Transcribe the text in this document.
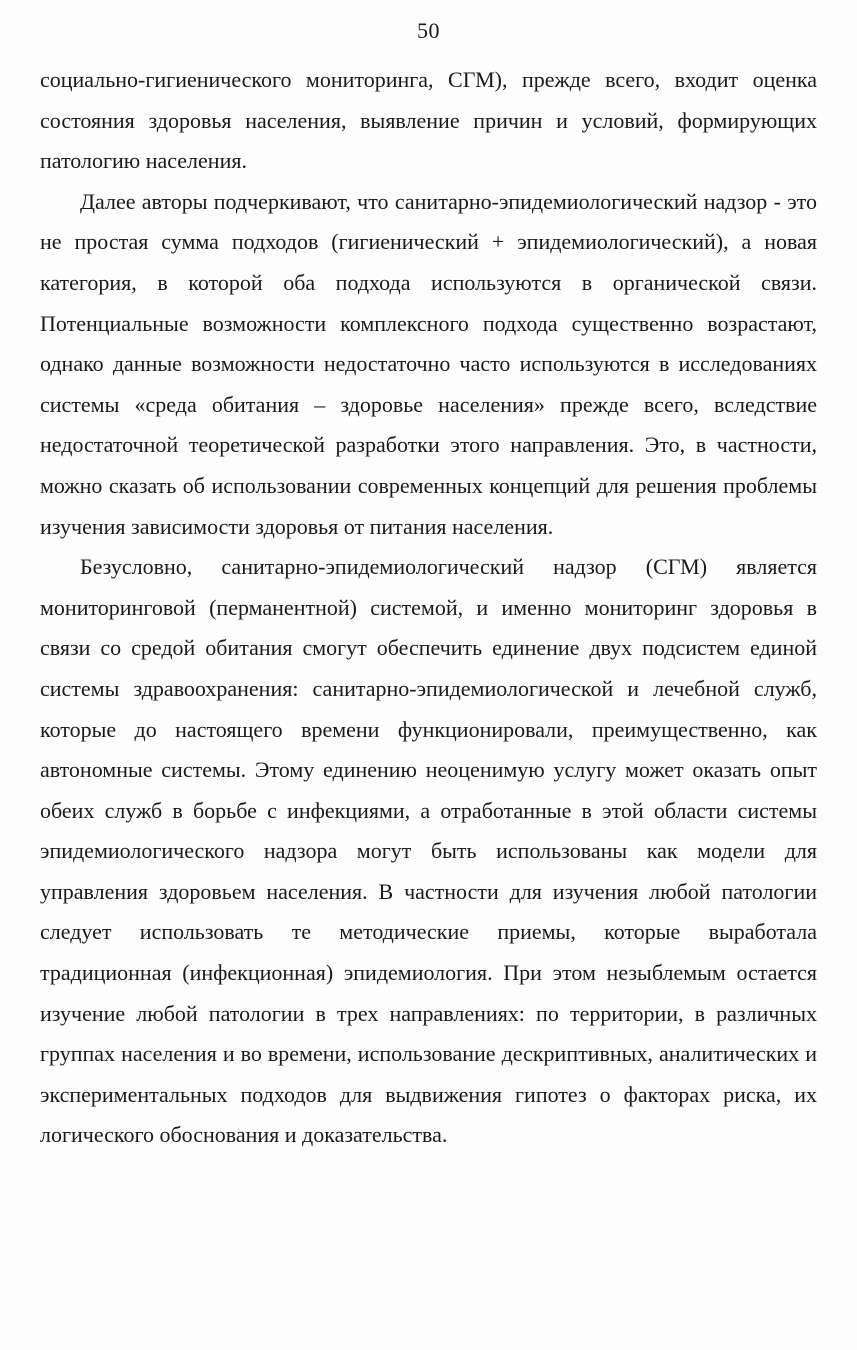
50

социально-гигиенического мониторинга, СГМ), прежде всего, входит оценка состояния здоровья населения, выявление причин и условий, формирующих патологию населения.

Далее авторы подчеркивают, что санитарно-эпидемиологический надзор - это не простая сумма подходов (гигиенический + эпидемиологический), а новая категория, в которой оба подхода используются в органической связи. Потенциальные возможности комплексного подхода существенно возрастают, однако данные возможности недостаточно часто используются в исследованиях системы «среда обитания – здоровье населения» прежде всего, вследствие недостаточной теоретической разработки этого направления. Это, в частности, можно сказать об использовании современных концепций для решения проблемы изучения зависимости здоровья от питания населения.

Безусловно, санитарно-эпидемиологический надзор (СГМ) является мониторинговой (перманентной) системой, и именно мониторинг здоровья в связи со средой обитания смогут обеспечить единение двух подсистем единой системы здравоохранения: санитарно-эпидемиологической и лечебной служб, которые до настоящего времени функционировали, преимущественно, как автономные системы. Этому единению неоценимую услугу может оказать опыт обеих служб в борьбе с инфекциями, а отработанные в этой области системы эпидемиологического надзора могут быть использованы как модели для управления здоровьем населения. В частности для изучения любой патологии следует использовать те методические приемы, которые выработала традиционная (инфекционная) эпидемиология. При этом незыблемым остается изучение любой патологии в трех направлениях: по территории, в различных группах населения и во времени, использование дескриптивных, аналитических и экспериментальных подходов для выдвижения гипотез о факторах риска, их логического обоснования и доказательства.
